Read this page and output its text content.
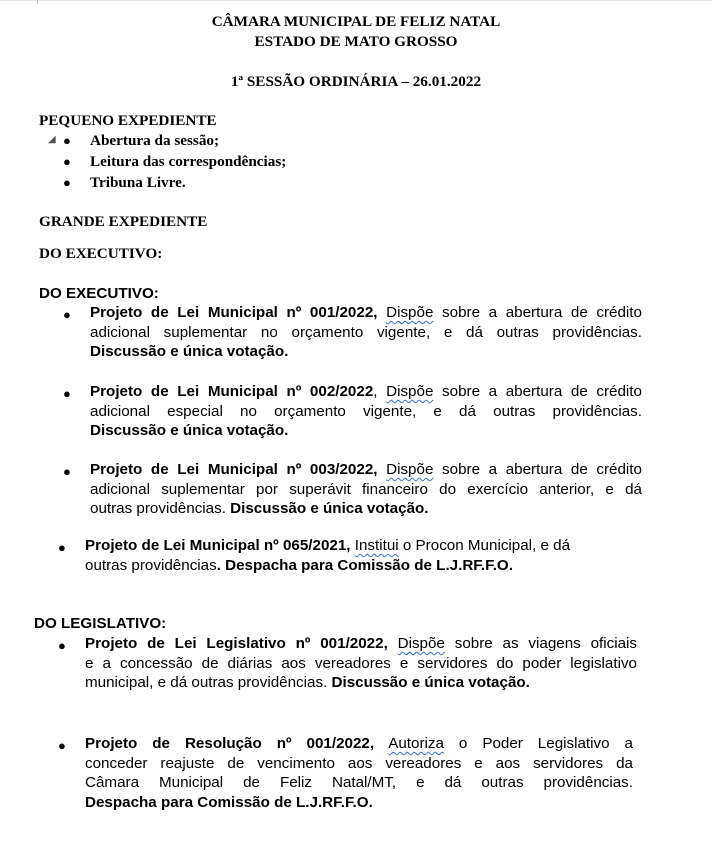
CÂMARA MUNICIPAL DE FELIZ NATAL
ESTADO DE MATO GROSSO
1ª SESSÃO ORDINÁRIA – 26.01.2022
PEQUENO EXPEDIENTE
◢ ● Abertura da sessão;
● Leitura das correspondências;
● Tribuna Livre.
GRANDE EXPEDIENTE
DO EXECUTIVO:
DO EXECUTIVO:
● Projeto de Lei Municipal nº 001/2022, Dispõe sobre a abertura de crédito
adicional suplementar no orçamento vigente, e dá outras providências.
Discussão e única votação.
● Projeto de Lei Municipal nº 002/2022, Dispõe sobre a abertura de crédito
adicional especial no orçamento vigente, e dá outras providências.
Discussão e única votação.
● Projeto de Lei Municipal nº 003/2022, Dispõe sobre a abertura de crédito
adicional suplementar por superávit financeiro do exercício anterior, e dá
outras providências. Discussão e única votação.
● Projeto de Lei Municipal nº 065/2021, Institui o Procon Municipal, e dá
outras providências. Despacha para Comissão de L.J.RF.F.O.
DO LEGISLATIVO:
● Projeto de Lei Legislativo nº 001/2022, Dispõe sobre as viagens oficiais
e a concessão de diárias aos vereadores e servidores do poder legislativo
municipal, e dá outras providências. Discussão e única votação.
● Projeto de Resolução nº 001/2022, Autoriza o Poder Legislativo a
conceder reajuste de vencimento aos vereadores e aos servidores da
Câmara Municipal de Feliz Natal/MT, e dá outras providências.
Despacha para Comissão de L.J.RF.F.O.
